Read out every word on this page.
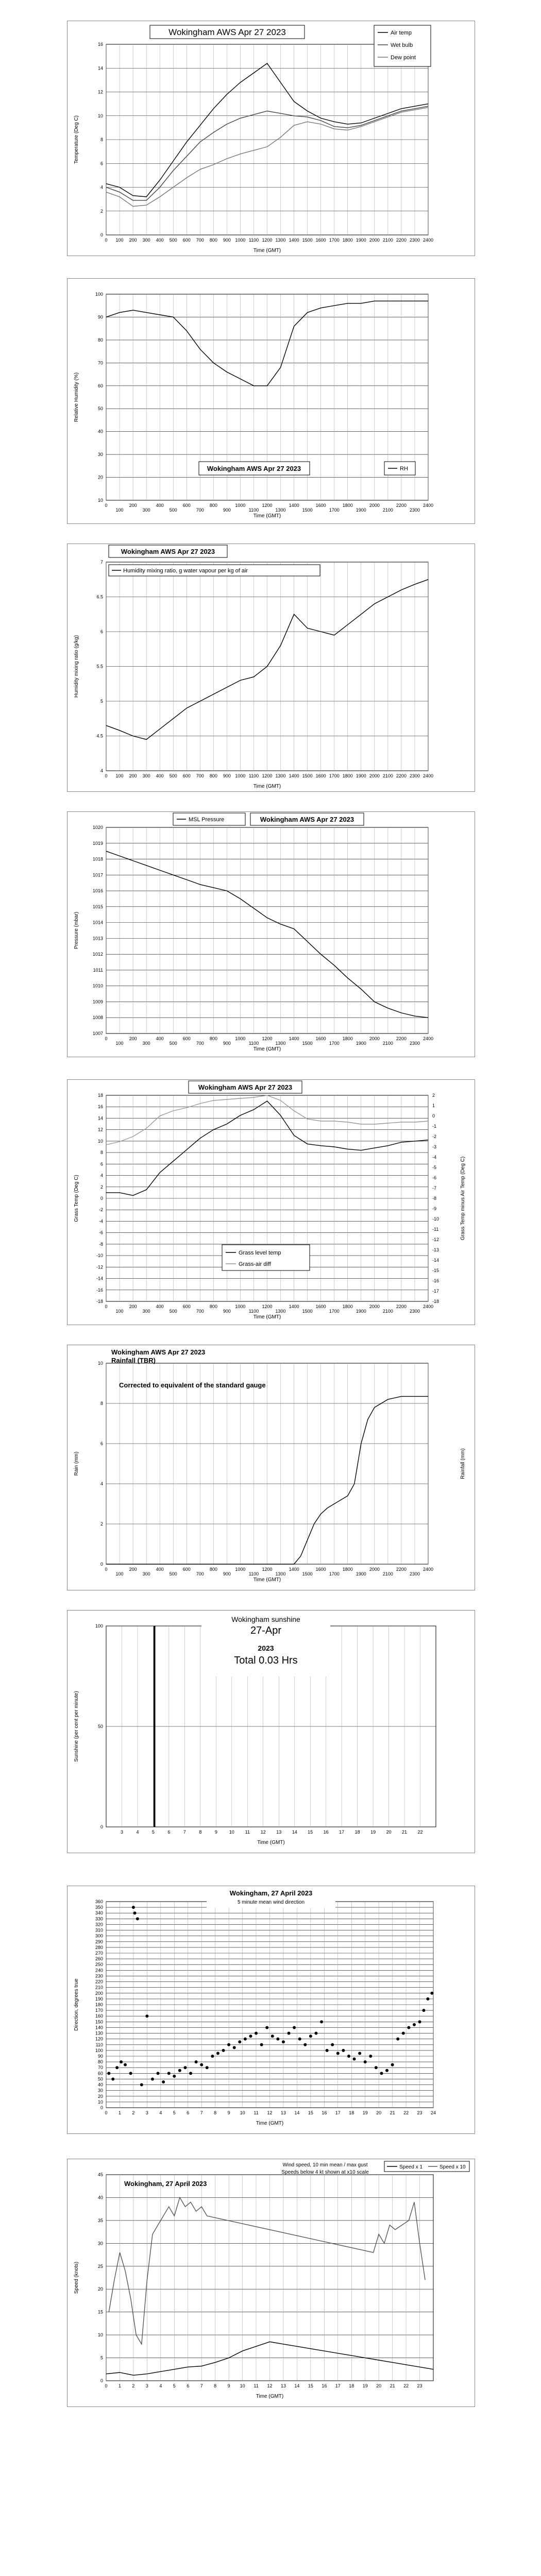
0
2
4
6
8
10
12
14
16
0 100 200 300 400 500 600 700 800 900 1000 1100 1200 1300 1400 1500 1600 1700 1800 1900 2000 2100 2200 2300 2400
Time (GMT)
Temperature (Deg C)
Wokingham AWS Apr 27 2023	Air temp
Wet bulb
Dew point
10
20
30
40
50
60
70
80
90
100
0
100
200
300
400
500
600
700
800
900
1000
1100
1200
1300
1400
1500
1600
1700
1800
1900
2000
2100
2200
2300
2400
Time (GMT)
Relative Humidity (%)
Wokingham AWS Apr 27 2023	RH
4
4.5
5
5.5
6
6.5
7
0 100 200 300 400 500 600 700 800 900 1000 1100 1200 1300 1400 1500 1600 1700 1800 1900 2000 2100 2200 2300 2400
Time (GMT)
Humidity mixing ratio (g/kg)
Wokingham AWS Apr 27 2023
Humidity mixing ratio, g water vapour per kg of air
1007
1008
1009
1010
1011
1012
1013
1014
1015
1016
1017
1018
1019
1020
0
100
200
300
400
500
600
700
800
900
1000
1100
1200
1300
1400
1500
1600
1700
1800
1900
2000
2100
2200
2300
2400
Time (GMT)
Pressure (mbar)
MSL Pressure	Wokingham AWS Apr 27 2023
-18
-16
-14
-12
-10
-8
-6
-4
-2
0
2
4
6
8
10
12
14
16
18
0
100
200
300
400
500
600
700
800
900
1000
1100
1200
1300
1400
1500
1600
1700
1800
1900
2000
2100
2200
2300
2400
2
1
0
-1
-2
-3
-4
-5
-6
-7
-8
-9
-10
-11
-12
-13
-14
-15
-16
-17
-18
Time (GMT)
Grass Temp (Deg C)	Grass Temp minus Air Temp (Deg C)
Wokingham AWS Apr 27 2023
Grass level temp
Grass-air diff
0
2
4
6
8
10
0
100
200
300
400
500
600
700
800
900
1000
1100
1200
1300
1400
1500
1600
1700
1800
1900
2000
2100
2200
2300
2400
Time (GMT)
Rain (mm)	Rainfall (mm)
Wokingham AWS Apr 27 2023
Rainfall (TBR)
Corrected to equivalent of the standard gauge
0
50
100
3	4	5	6	7	8	9	10 11 12 13 14 15 16 17 18 19 20 21 22
Time (GMT)
Sunshine (per cent per minute)
Wokingham sunshine
27-Apr
2023
Total 0.03 Hrs
0
10
20
30
40
50
60
70
80
90
100
110
120
130
140
150
160
170
180
190
200
210
220
230
240
250
260
270
280
290
300
310
320
330
340
350
360
0 1 2 3 4 5 6 7 8 9 10 11 12 13 14 15 16 17 18 19 20 21 22 23 24
Time (GMT)
Direction, degrees true
Wokingham, 27 April 2023
5 minute mean wind direction
0
5
10
15
20
25
30
35
40
45
0 1 2 3 4 5 6 7 8 9 10 11 12 13 14 15 16 17 18 19 20 21 22 23
Time (GMT)
Speed (knots)
Wokingham, 27 April 2023
Wind speed, 10 min mean / max gust
Speeds below 4 kt shown at x10 scale
Speed x 1	Speed x 10
